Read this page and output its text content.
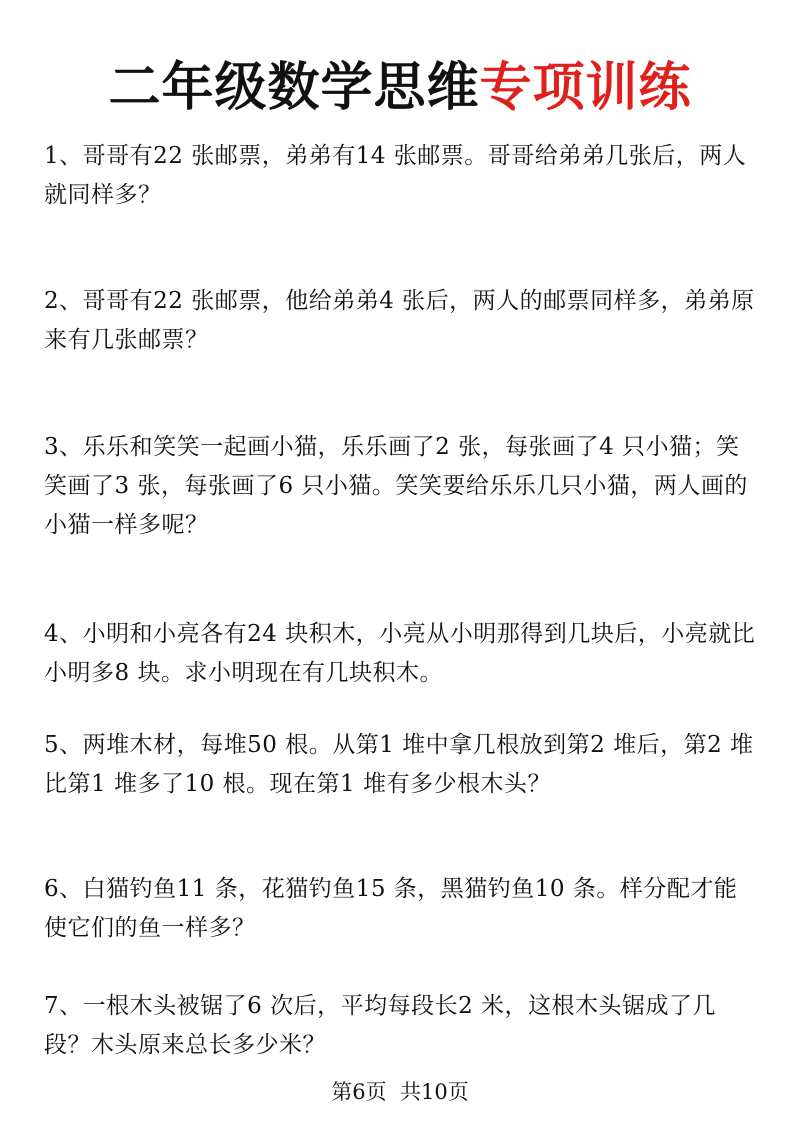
二年级数学思维专项训练
1、哥哥有22 张邮票，弟弟有14 张邮票。哥哥给弟弟几张后，两人就同样多？
2、哥哥有22 张邮票，他给弟弟4 张后，两人的邮票同样多，弟弟原来有几张邮票？
3、乐乐和笑笑一起画小猫，乐乐画了2 张，每张画了4 只小猫；笑笑画了3 张，每张画了6 只小猫。笑笑要给乐乐几只小猫，两人画的小猫一样多呢？
4、小明和小亮各有24 块积木，小亮从小明那得到几块后，小亮就比小明多8 块。求小明现在有几块积木。
5、两堆木材，每堆50 根。从第1 堆中拿几根放到第2 堆后，第2 堆比第1 堆多了10 根。现在第1 堆有多少根木头？
6、白猫钓鱼11 条，花猫钓鱼15 条，黑猫钓鱼10 条。样分配才能使它们的鱼一样多？
7、一根木头被锯了6 次后，平均每段长2 米，这根木头锯成了几段？木头原来总长多少米？
第6页  共10页
